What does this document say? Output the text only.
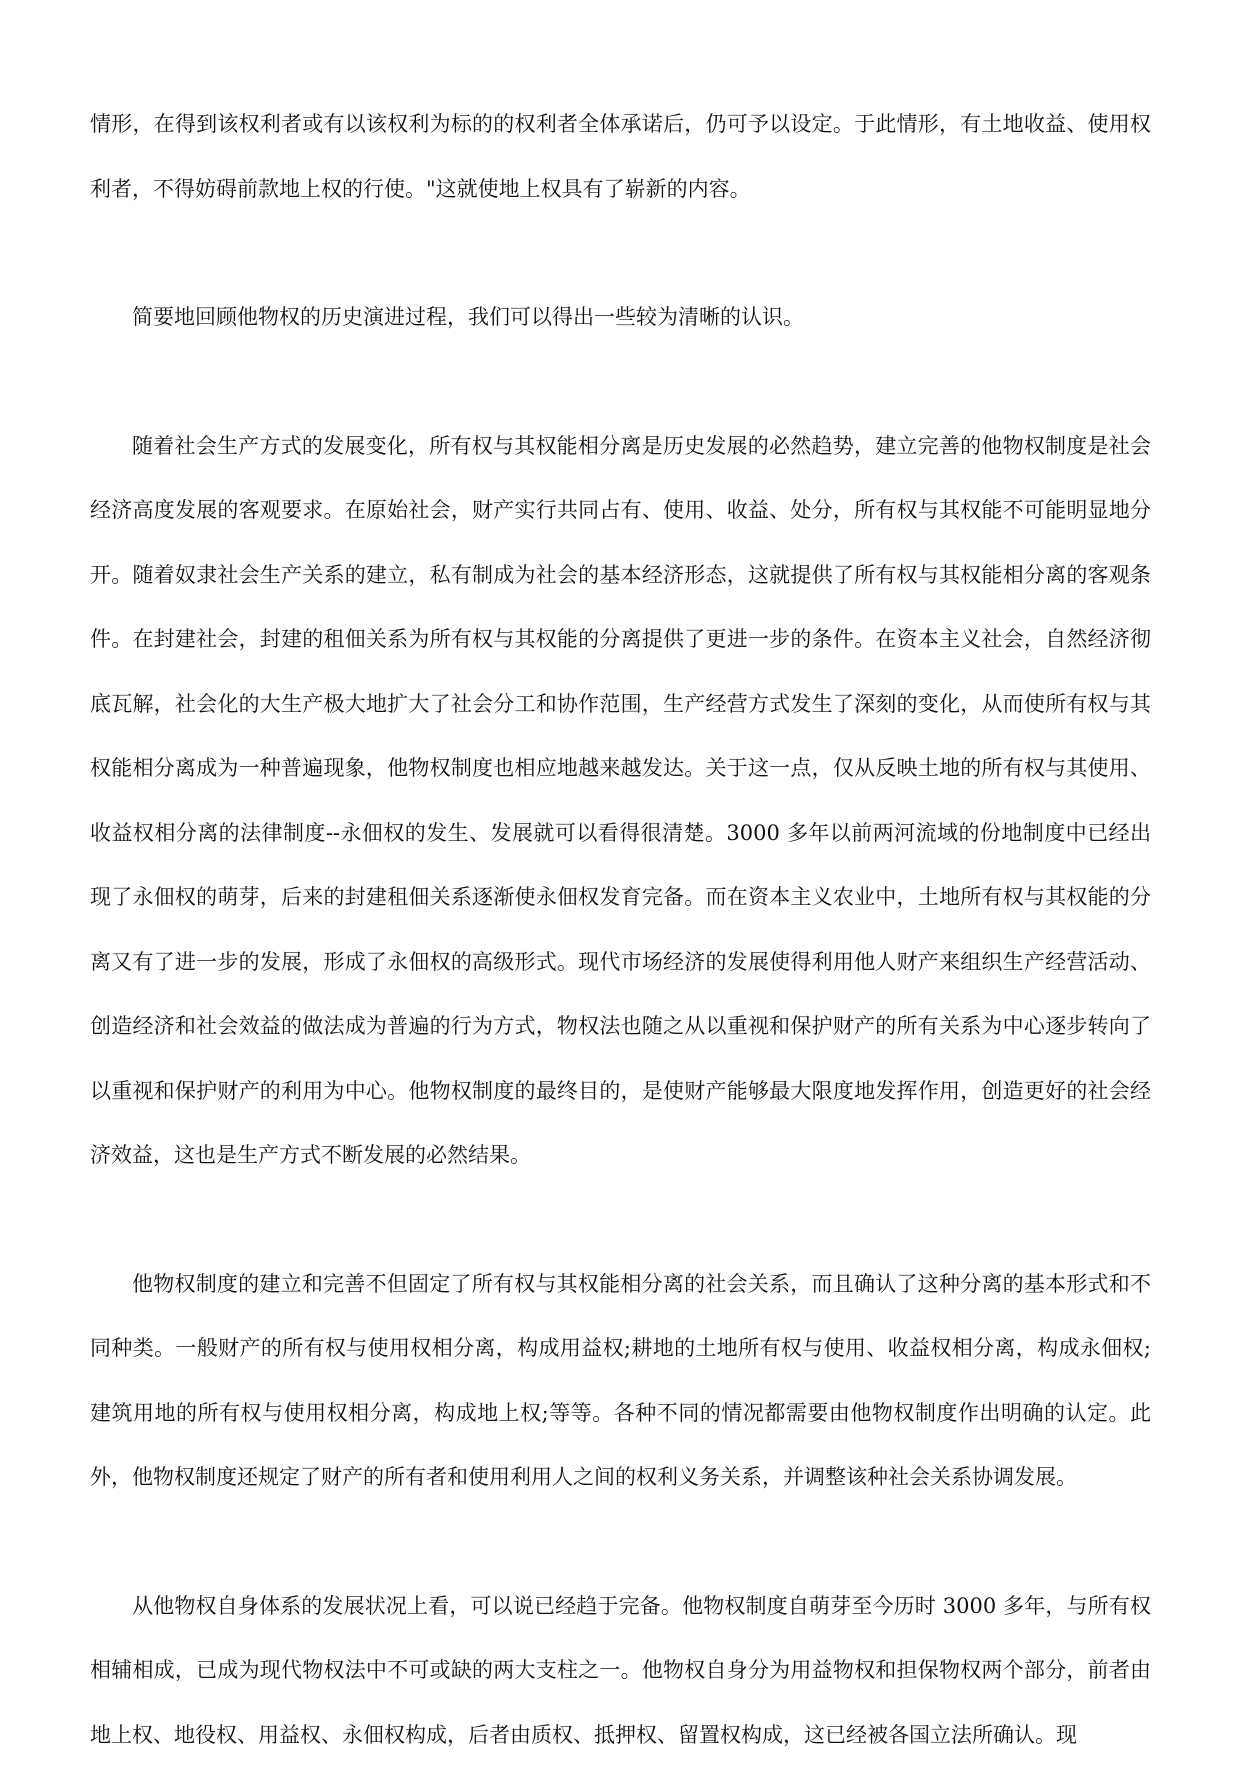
情形，在得到该权利者或有以该权利为标的的权利者全体承诺后，仍可予以设定。于此情形，有土地收益、使用权利者，不得妨碍前款地上权的行使。"这就使地上权具有了崭新的内容。

简要地回顾他物权的历史演进过程，我们可以得出一些较为清晰的认识。

随着社会生产方式的发展变化，所有权与其权能相分离是历史发展的必然趋势，建立完善的他物权制度是社会经济高度发展的客观要求。在原始社会，财产实行共同占有、使用、收益、处分，所有权与其权能不可能明显地分开。随着奴隶社会生产关系的建立，私有制成为社会的基本经济形态，这就提供了所有权与其权能相分离的客观条件。在封建社会，封建的租佃关系为所有权与其权能的分离提供了更进一步的条件。在资本主义社会，自然经济彻底瓦解，社会化的大生产极大地扩大了社会分工和协作范围，生产经营方式发生了深刻的变化，从而使所有权与其权能相分离成为一种普遍现象，他物权制度也相应地越来越发达。关于这一点，仅从反映土地的所有权与其使用、收益权相分离的法律制度--永佃权的发生、发展就可以看得很清楚。3000 多年以前两河流域的份地制度中已经出现了永佃权的萌芽，后来的封建租佃关系逐渐使永佃权发育完备。而在资本主义农业中，土地所有权与其权能的分离又有了进一步的发展，形成了永佃权的高级形式。现代市场经济的发展使得利用他人财产来组织生产经营活动、创造经济和社会效益的做法成为普遍的行为方式，物权法也随之从以重视和保护财产的所有关系为中心逐步转向了以重视和保护财产的利用为中心。他物权制度的最终目的，是使财产能够最大限度地发挥作用，创造更好的社会经济效益，这也是生产方式不断发展的必然结果。

他物权制度的建立和完善不但固定了所有权与其权能相分离的社会关系，而且确认了这种分离的基本形式和不同种类。一般财产的所有权与使用权相分离，构成用益权;耕地的土地所有权与使用、收益权相分离，构成永佃权;建筑用地的所有权与使用权相分离，构成地上权;等等。各种不同的情况都需要由他物权制度作出明确的认定。此外，他物权制度还规定了财产的所有者和使用利用人之间的权利义务关系，并调整该种社会关系协调发展。

从他物权自身体系的发展状况上看，可以说已经趋于完备。他物权制度自萌芽至今历时 3000 多年，与所有权相辅相成，已成为现代物权法中不可或缺的两大支柱之一。他物权自身分为用益物权和担保物权两个部分，前者由地上权、地役权、用益权、永佃权构成，后者由质权、抵押权、留置权构成，这已经被各国立法所确认。现
